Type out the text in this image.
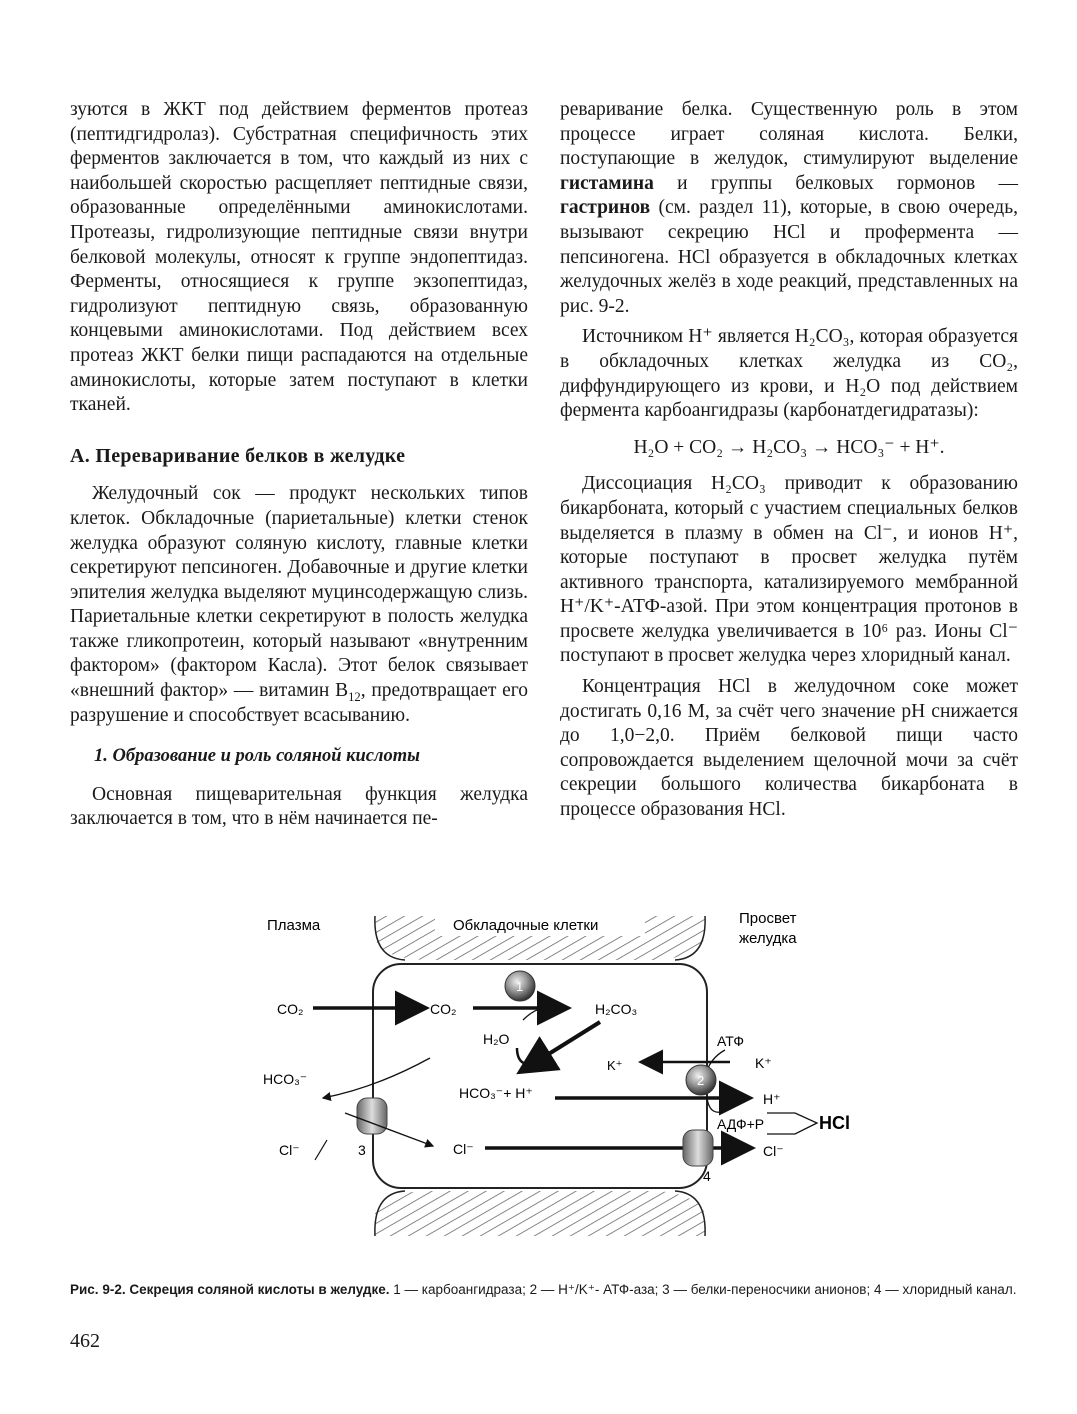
зуются в ЖКТ под действием ферментов протеаз (пептидгидролаз). Субстратная специфичность этих ферментов заключается в том, что каждый из них с наибольшей скоростью расщепляет пептидные связи, образованные определёнными аминокислотами. Протеазы, гидролизующие пептидные связи внутри белковой молекулы, относят к группе эндопептидаз. Ферменты, относящиеся к группе экзопептидаз, гидролизуют пептидную связь, образованную концевыми аминокислотами. Под действием всех протеаз ЖКТ белки пищи распадаются на отдельные аминокислоты, которые затем поступают в клетки тканей.

А. Переваривание белков в желудке

Желудочный сок — продукт нескольких типов клеток. Обкладочные (париетальные) клетки стенок желудка образуют соляную кислоту, главные клетки секретируют пепсиноген. Добавочные и другие клетки эпителия желудка выделяют муцинсодержащую слизь. Париетальные клетки секретируют в полость желудка также гликопротеин, который называют «внутренним фактором» (фактором Касла). Этот белок связывает «внешний фактор» — витамин $B_{12}$, предотвращает его разрушение и способствует всасыванию.

1. Образование и роль соляной кислоты

Основная пищеварительная функция желудка заключается в том, что в нём начинается пе-

реваривание белка. Существенную роль в этом процессе играет соляная кислота. Белки, поступающие в желудок, стимулируют выделение гистамина и группы белковых гормонов — гастринов (см. раздел 11), которые, в свою очередь, вызывают секрецию HCl и профермента — пепсиногена. HCl образуется в обкладочных клетках желудочных желёз в ходе реакций, представленных на рис. 9-2.

Источником H⁺ является H₂CO₃, которая образуется в обкладочных клетках желудка из CO₂, диффундирующего из крови, и H₂O под действием фермента карбоангидразы (карбонатдегидратазы):

H₂O + CO₂ → H₂CO₃ → HCO₃⁻ + H⁺.

Диссоциация H₂CO₃ приводит к образованию бикарбоната, который с участием специальных белков выделяется в плазму в обмен на Cl⁻, и ионов H⁺, которые поступают в просвет желудка путём активного транспорта, катализируемого мембранной H⁺/K⁺-АТФ-азой. При этом концентрация протонов в просвете желудка увеличивается в 10⁶ раз. Ионы Cl⁻ поступают в просвет желудка через хлоридный канал.

Концентрация HCl в желудочном соке может достигать 0,16 М, за счёт чего значение pH снижается до 1,0−2,0. Приём белковой пищи часто сопровождается выделением щелочной мочи за счёт секреции большого количества бикарбоната в процессе образования HCl.

Плазма	Обкладочные клетки	Просвет
желудка
CO₂	CO₂	H₂CO₃
1
H₂O
K⁺	K⁺
АТФ
2
HCO₃⁻+ H⁺	H⁺
АДФ+P	HCl
HCO₃⁻
3
Cl⁻	Cl⁻
4
Cl⁻
Рис. 9-2. Секреция соляной кислоты в желудке. 1 — карбоангидраза; 2 — H⁺/K⁺- АТФ-аза; 3 — белки-переносчики анионов; 4 — хлоридный канал.
462
